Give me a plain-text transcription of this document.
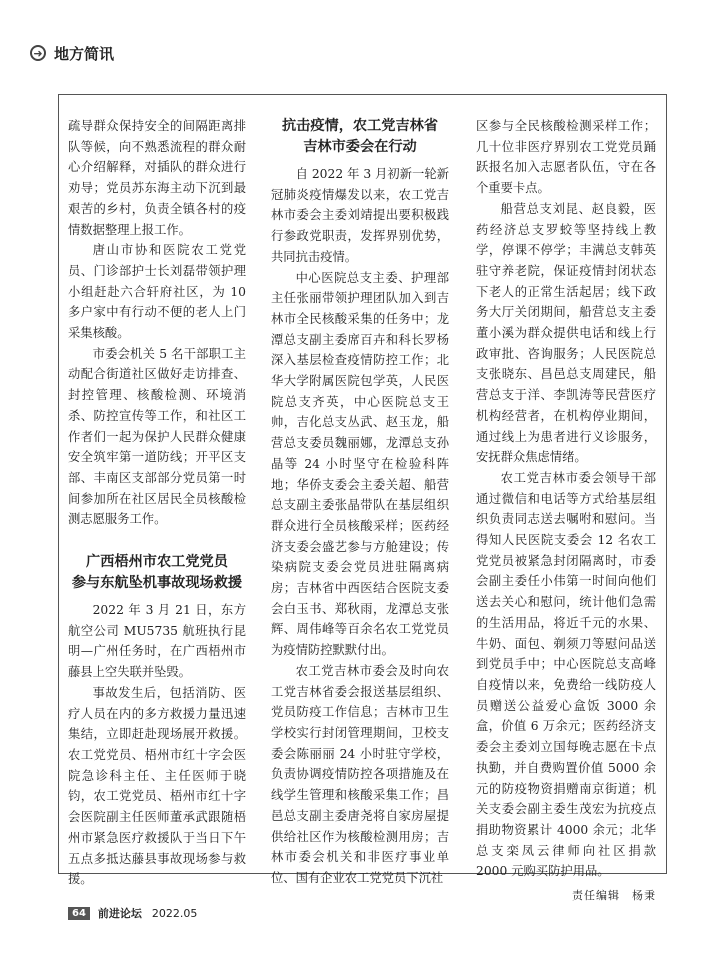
➜ 地方简讯

疏导群众保持安全的间隔距离排队等候，向不熟悉流程的群众耐心介绍解释，对插队的群众进行劝导；党员苏东海主动下沉到最艰苦的乡村，负责全镇各村的疫情数据整理上报工作。

唐山市协和医院农工党党员、门诊部护士长刘磊带领护理小组赶赴六合轩府社区，为 10 多户家中有行动不便的老人上门采集核酸。

市委会机关 5 名干部职工主动配合街道社区做好走访排查、封控管理、核酸检测、环境消杀、防控宣传等工作，和社区工作者们一起为保护人民群众健康安全筑牢第一道防线；开平区支部、丰南区支部部分党员第一时间参加所在社区居民全员核酸检测志愿服务工作。

广西梧州市农工党党员
参与东航坠机事故现场救援

2022 年 3 月 21 日，东方航空公司 MU5735 航班执行昆明—广州任务时，在广西梧州市藤县上空失联并坠毁。

事故发生后，包括消防、医疗人员在内的多方救援力量迅速集结，立即赶赴现场展开救援。农工党党员、梧州市红十字会医院急诊科主任、主任医师于晓钧，农工党党员、梧州市红十字会医院副主任医师董承武跟随梧州市紧急医疗救援队于当日下午五点多抵达藤县事故现场参与救援。

抗击疫情，农工党吉林省
吉林市委会在行动

自 2022 年 3 月初新一轮新冠肺炎疫情爆发以来，农工党吉林市委会主委刘靖提出要积极践行参政党职责，发挥界别优势，共同抗击疫情。

中心医院总支主委、护理部主任张丽带领护理团队加入到吉林市全民核酸采集的任务中；龙潭总支副主委席百卉和科长罗杨深入基层检查疫情防控工作；北华大学附属医院包学英，人民医院总支齐英，中心医院总支王帅，吉化总支丛武、赵玉龙，船营总支委员魏丽娜，龙潭总支孙晶等 24 小时坚守在检验科阵地；华侨支委会主委关超、船营总支副主委张晶带队在基层组织群众进行全员核酸采样；医药经济支委会盛艺参与方舱建设；传染病院支委会党员进驻隔离病房；吉林省中西医结合医院支委会白玉书、郑秋雨，龙潭总支张辉、周伟峰等百余名农工党党员为疫情防控默默付出。

农工党吉林市委会及时向农工党吉林省委会报送基层组织、党员防疫工作信息；吉林市卫生学校实行封闭管理期间，卫校支委会陈丽丽 24 小时驻守学校，负责协调疫情防控各项措施及在线学生管理和核酸采集工作；昌邑总支副主委唐尧将自家房屋提供给社区作为核酸检测用房；吉林市委会机关和非医疗事业单位、国有企业农工党党员下沉社

区参与全民核酸检测采样工作；几十位非医疗界别农工党党员踊跃报名加入志愿者队伍，守在各个重要卡点。

船营总支刘昆、赵良毅，医药经济总支罗蛟等坚持线上教学，停课不停学；丰满总支韩英驻守养老院，保证疫情封闭状态下老人的正常生活起居；线下政务大厅关闭期间，船营总支主委董小溪为群众提供电话和线上行政审批、咨询服务；人民医院总支张晓东、昌邑总支周建民，船营总支于洋、李凯涛等民营医疗机构经营者，在机构停业期间，通过线上为患者进行义诊服务，安抚群众焦虑情绪。

农工党吉林市委会领导干部通过微信和电话等方式给基层组织负责同志送去嘱咐和慰问。当得知人民医院支委会 12 名农工党党员被紧急封闭隔离时，市委会副主委任小伟第一时间向他们送去关心和慰问，统计他们急需的生活用品，将近千元的水果、牛奶、面包、剃须刀等慰问品送到党员手中；中心医院总支高峰自疫情以来，免费给一线防疫人员赠送公益爱心盒饭 3000 余盒，价值 6 万余元；医药经济支委会主委刘立国每晚志愿在卡点执勤，并自费购置价值 5000 余元的防疫物资捐赠南京街道；机关支委会副主委生茂宏为抗疫点捐助物资累计 4000 余元；北华总支栾凤云律师向社区捐款 2000 元购买防护用品。

责任编辑　杨秉
64	前进论坛 2022.05
